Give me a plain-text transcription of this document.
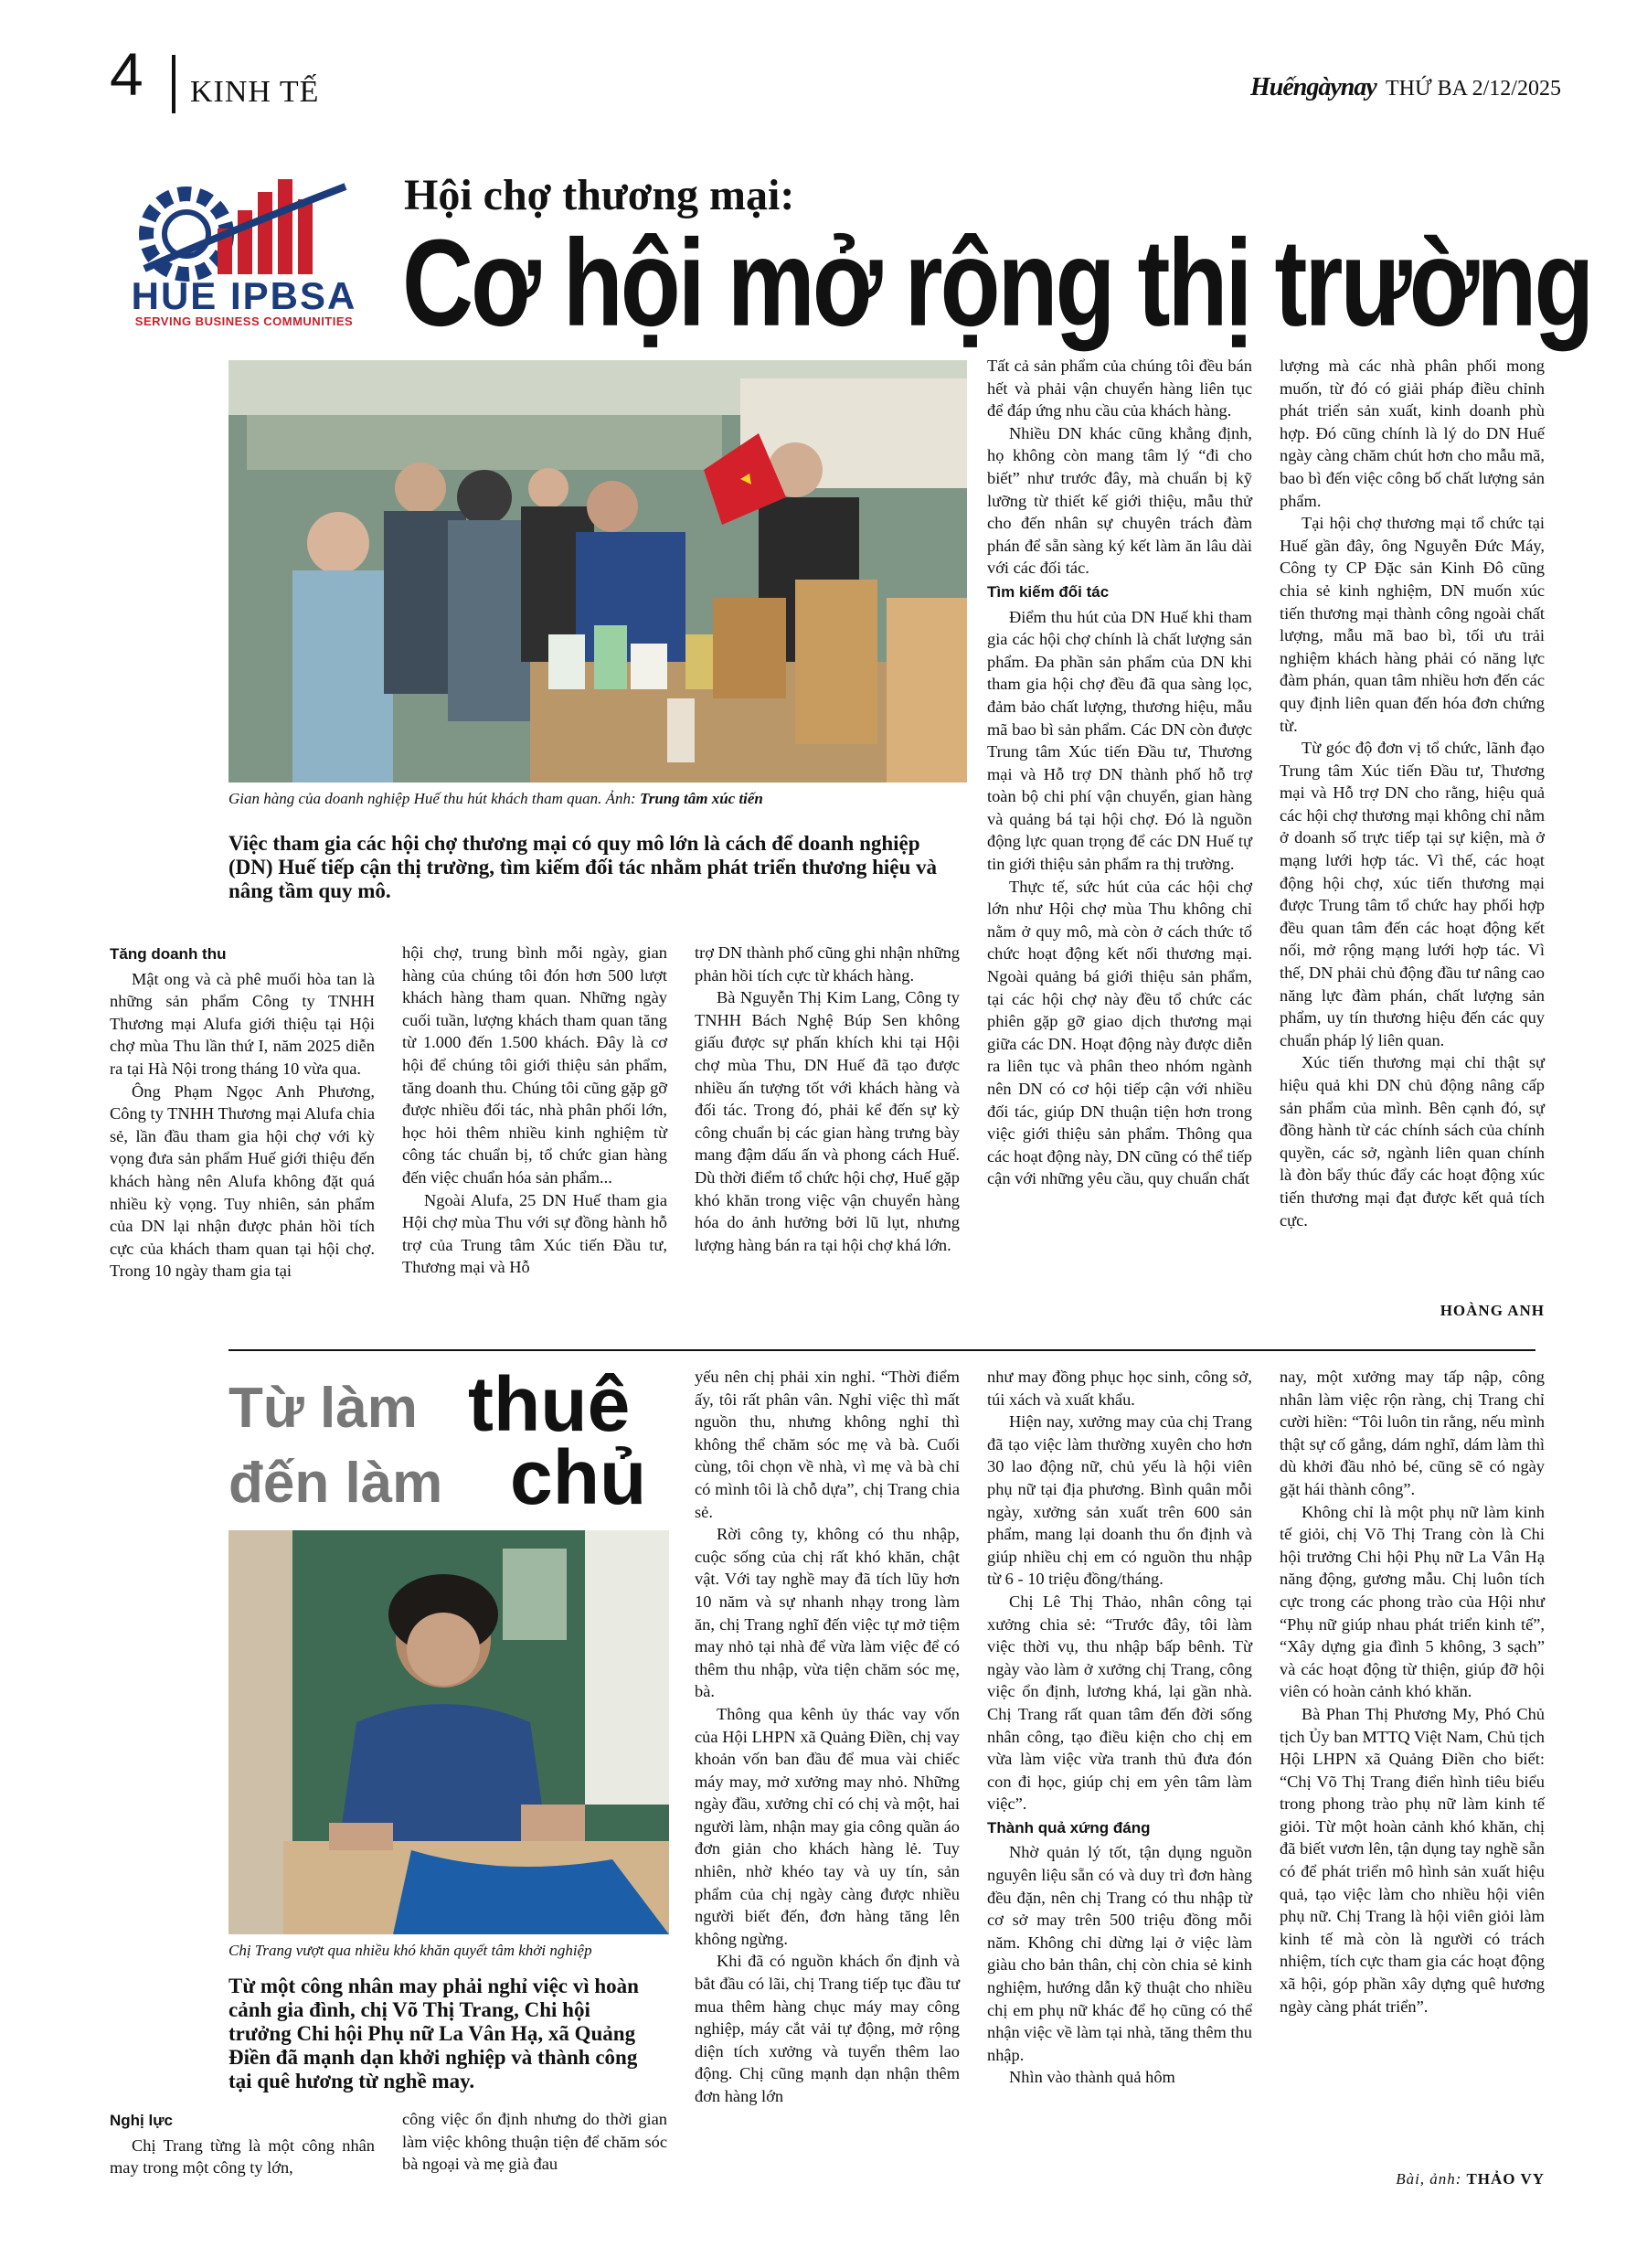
4 KINH TẾ	Huếngàynay THỨ BA 2/12/2025
HUE IPBSA
SERVING BUSINESS COMMUNITIES
Hội chợ thương mại:
Cơ hội mở rộng thị trường
Gian hàng của doanh nghiệp Huế thu hút khách tham quan. Ảnh: Trung tâm xúc tiến
Việc tham gia các hội chợ thương mại có quy mô lớn là cách để doanh nghiệp (DN) Huế tiếp cận thị trường, tìm kiếm đối tác nhằm phát triển thương hiệu và nâng tầm quy mô.
Tăng doanh thu

Mật ong và cà phê muối hòa tan là những sản phẩm Công ty TNHH Thương mại Alufa giới thiệu tại Hội chợ mùa Thu lần thứ I, năm 2025 diễn ra tại Hà Nội trong tháng 10 vừa qua.

Ông Phạm Ngọc Anh Phương, Công ty TNHH Thương mại Alufa chia sẻ, lần đầu tham gia hội chợ với kỳ vọng đưa sản phẩm Huế giới thiệu đến khách hàng nên Alufa không đặt quá nhiều kỳ vọng. Tuy nhiên, sản phẩm của DN lại nhận được phản hồi tích cực của khách tham quan tại hội chợ. Trong 10 ngày tham gia tại

hội chợ, trung bình mỗi ngày, gian hàng của chúng tôi đón hơn 500 lượt khách hàng tham quan. Những ngày cuối tuần, lượng khách tham quan tăng từ 1.000 đến 1.500 khách. Đây là cơ hội để chúng tôi giới thiệu sản phẩm, tăng doanh thu. Chúng tôi cũng gặp gỡ được nhiều đối tác, nhà phân phối lớn, học hỏi thêm nhiều kinh nghiệm từ công tác chuẩn bị, tổ chức gian hàng đến việc chuẩn hóa sản phẩm...

Ngoài Alufa, 25 DN Huế tham gia Hội chợ mùa Thu với sự đồng hành hỗ trợ của Trung tâm Xúc tiến Đầu tư, Thương mại và Hỗ

trợ DN thành phố cũng ghi nhận những phản hồi tích cực từ khách hàng.

Bà Nguyễn Thị Kim Lang, Công ty TNHH Bách Nghệ Búp Sen không giấu được sự phấn khích khi tại Hội chợ mùa Thu, DN Huế đã tạo được nhiều ấn tượng tốt với khách hàng và đối tác. Trong đó, phải kể đến sự kỳ công chuẩn bị các gian hàng trưng bày mang đậm dấu ấn và phong cách Huế. Dù thời điểm tổ chức hội chợ, Huế gặp khó khăn trong việc vận chuyển hàng hóa do ảnh hưởng bởi lũ lụt, nhưng lượng hàng bán ra tại hội chợ khá lớn.

Tất cả sản phẩm của chúng tôi đều bán hết và phải vận chuyển hàng liên tục để đáp ứng nhu cầu của khách hàng.

Nhiều DN khác cũng khẳng định, họ không còn mang tâm lý “đi cho biết” như trước đây, mà chuẩn bị kỹ lưỡng từ thiết kế giới thiệu, mẫu thử cho đến nhân sự chuyên trách đàm phán để sẵn sàng ký kết làm ăn lâu dài với các đối tác.

Tìm kiếm đối tác

Điểm thu hút của DN Huế khi tham gia các hội chợ chính là chất lượng sản phẩm. Đa phần sản phẩm của DN khi tham gia hội chợ đều đã qua sàng lọc, đảm bảo chất lượng, thương hiệu, mẫu mã bao bì sản phẩm. Các DN còn được Trung tâm Xúc tiến Đầu tư, Thương mại và Hỗ trợ DN thành phố hỗ trợ toàn bộ chi phí vận chuyển, gian hàng và quảng bá tại hội chợ. Đó là nguồn động lực quan trọng để các DN Huế tự tin giới thiệu sản phẩm ra thị trường.

Thực tế, sức hút của các hội chợ lớn như Hội chợ mùa Thu không chỉ nằm ở quy mô, mà còn ở cách thức tổ chức hoạt động kết nối thương mại. Ngoài quảng bá giới thiệu sản phẩm, tại các hội chợ này đều tổ chức các phiên gặp gỡ giao dịch thương mại giữa các DN. Hoạt động này được diễn ra liên tục và phân theo nhóm ngành nên DN có cơ hội tiếp cận với nhiều đối tác, giúp DN thuận tiện hơn trong việc giới thiệu sản phẩm. Thông qua các hoạt động này, DN cũng có thể tiếp cận với những yêu cầu, quy chuẩn chất

lượng mà các nhà phân phối mong muốn, từ đó có giải pháp điều chỉnh phát triển sản xuất, kinh doanh phù hợp. Đó cũng chính là lý do DN Huế ngày càng chăm chút hơn cho mẫu mã, bao bì đến việc công bố chất lượng sản phẩm.

Tại hội chợ thương mại tổ chức tại Huế gần đây, ông Nguyễn Đức Máy, Công ty CP Đặc sản Kinh Đô cũng chia sẻ kinh nghiệm, DN muốn xúc tiến thương mại thành công ngoài chất lượng, mẫu mã bao bì, tối ưu trải nghiệm khách hàng phải có năng lực đàm phán, quan tâm nhiều hơn đến các quy định liên quan đến hóa đơn chứng từ.

Từ góc độ đơn vị tổ chức, lãnh đạo Trung tâm Xúc tiến Đầu tư, Thương mại và Hỗ trợ DN cho rằng, hiệu quả các hội chợ thương mại không chỉ nằm ở doanh số trực tiếp tại sự kiện, mà ở mạng lưới hợp tác. Vì thế, các hoạt động hội chợ, xúc tiến thương mại được Trung tâm tổ chức hay phối hợp đều quan tâm đến các hoạt động kết nối, mở rộng mạng lưới hợp tác. Vì thế, DN phải chủ động đầu tư nâng cao năng lực đàm phán, chất lượng sản phẩm, uy tín thương hiệu đến các quy chuẩn pháp lý liên quan.

Xúc tiến thương mại chỉ thật sự hiệu quả khi DN chủ động nâng cấp sản phẩm của mình. Bên cạnh đó, sự đồng hành từ các chính sách của chính quyền, các sở, ngành liên quan chính là đòn bẩy thúc đẩy các hoạt động xúc tiến thương mại đạt được kết quả tích cực.

HOÀNG ANH
Từ làm thuê
đến làm chủ
Chị Trang vượt qua nhiều khó khăn quyết tâm khởi nghiệp
Từ một công nhân may phải nghỉ việc vì hoàn cảnh gia đình, chị Võ Thị Trang, Chi hội trưởng Chi hội Phụ nữ La Vân Hạ, xã Quảng Điền đã mạnh dạn khởi nghiệp và thành công tại quê hương từ nghề may.
Nghị lực

Chị Trang từng là một công nhân may trong một công ty lớn,

công việc ổn định nhưng do thời gian làm việc không thuận tiện để chăm sóc bà ngoại và mẹ già đau

yếu nên chị phải xin nghỉ. “Thời điểm ấy, tôi rất phân vân. Nghỉ việc thì mất nguồn thu, nhưng không nghỉ thì không thể chăm sóc mẹ và bà. Cuối cùng, tôi chọn về nhà, vì mẹ và bà chỉ có mình tôi là chỗ dựa”, chị Trang chia sẻ.

Rời công ty, không có thu nhập, cuộc sống của chị rất khó khăn, chật vật. Với tay nghề may đã tích lũy hơn 10 năm và sự nhanh nhạy trong làm ăn, chị Trang nghĩ đến việc tự mở tiệm may nhỏ tại nhà để vừa làm việc để có thêm thu nhập, vừa tiện chăm sóc mẹ, bà.

Thông qua kênh ủy thác vay vốn của Hội LHPN xã Quảng Điền, chị vay khoản vốn ban đầu để mua vài chiếc máy may, mở xưởng may nhỏ. Những ngày đầu, xưởng chỉ có chị và một, hai người làm, nhận may gia công quần áo đơn giản cho khách hàng lẻ. Tuy nhiên, nhờ khéo tay và uy tín, sản phẩm của chị ngày càng được nhiều người biết đến, đơn hàng tăng lên không ngừng.

Khi đã có nguồn khách ổn định và bắt đầu có lãi, chị Trang tiếp tục đầu tư mua thêm hàng chục máy may công nghiệp, máy cắt vải tự động, mở rộng diện tích xưởng và tuyển thêm lao động. Chị cũng mạnh dạn nhận thêm đơn hàng lớn

như may đồng phục học sinh, công sở, túi xách và xuất khẩu.

Hiện nay, xưởng may của chị Trang đã tạo việc làm thường xuyên cho hơn 30 lao động nữ, chủ yếu là hội viên phụ nữ tại địa phương. Bình quân mỗi ngày, xưởng sản xuất trên 600 sản phẩm, mang lại doanh thu ổn định và giúp nhiều chị em có nguồn thu nhập từ 6 - 10 triệu đồng/tháng.

Chị Lê Thị Thảo, nhân công tại xưởng chia sẻ: “Trước đây, tôi làm việc thời vụ, thu nhập bấp bênh. Từ ngày vào làm ở xưởng chị Trang, công việc ổn định, lương khá, lại gần nhà. Chị Trang rất quan tâm đến đời sống nhân công, tạo điều kiện cho chị em vừa làm việc vừa tranh thủ đưa đón con đi học, giúp chị em yên tâm làm việc”.

Thành quả xứng đáng

Nhờ quản lý tốt, tận dụng nguồn nguyên liệu sẵn có và duy trì đơn hàng đều đặn, nên chị Trang có thu nhập từ cơ sở may trên 500 triệu đồng mỗi năm. Không chỉ dừng lại ở việc làm giàu cho bản thân, chị còn chia sẻ kinh nghiệm, hướng dẫn kỹ thuật cho nhiều chị em phụ nữ khác để họ cũng có thể nhận việc về làm tại nhà, tăng thêm thu nhập.

Nhìn vào thành quả hôm

nay, một xưởng may tấp nập, công nhân làm việc rộn ràng, chị Trang chỉ cười hiền: “Tôi luôn tin rằng, nếu mình thật sự cố gắng, dám nghĩ, dám làm thì dù khởi đầu nhỏ bé, cũng sẽ có ngày gặt hái thành công”.

Không chỉ là một phụ nữ làm kinh tế giỏi, chị Võ Thị Trang còn là Chi hội trưởng Chi hội Phụ nữ La Vân Hạ năng động, gương mẫu. Chị luôn tích cực trong các phong trào của Hội như “Phụ nữ giúp nhau phát triển kinh tế”, “Xây dựng gia đình 5 không, 3 sạch” và các hoạt động từ thiện, giúp đỡ hội viên có hoàn cảnh khó khăn.

Bà Phan Thị Phương My, Phó Chủ tịch Ủy ban MTTQ Việt Nam, Chủ tịch Hội LHPN xã Quảng Điền cho biết: “Chị Võ Thị Trang điển hình tiêu biểu trong phong trào phụ nữ làm kinh tế giỏi. Từ một hoàn cảnh khó khăn, chị đã biết vươn lên, tận dụng tay nghề sẵn có để phát triển mô hình sản xuất hiệu quả, tạo việc làm cho nhiều hội viên phụ nữ. Chị Trang là hội viên giỏi làm kinh tế mà còn là người có trách nhiệm, tích cực tham gia các hoạt động xã hội, góp phần xây dựng quê hương ngày càng phát triển”.

Bài, ảnh: THẢO VY
